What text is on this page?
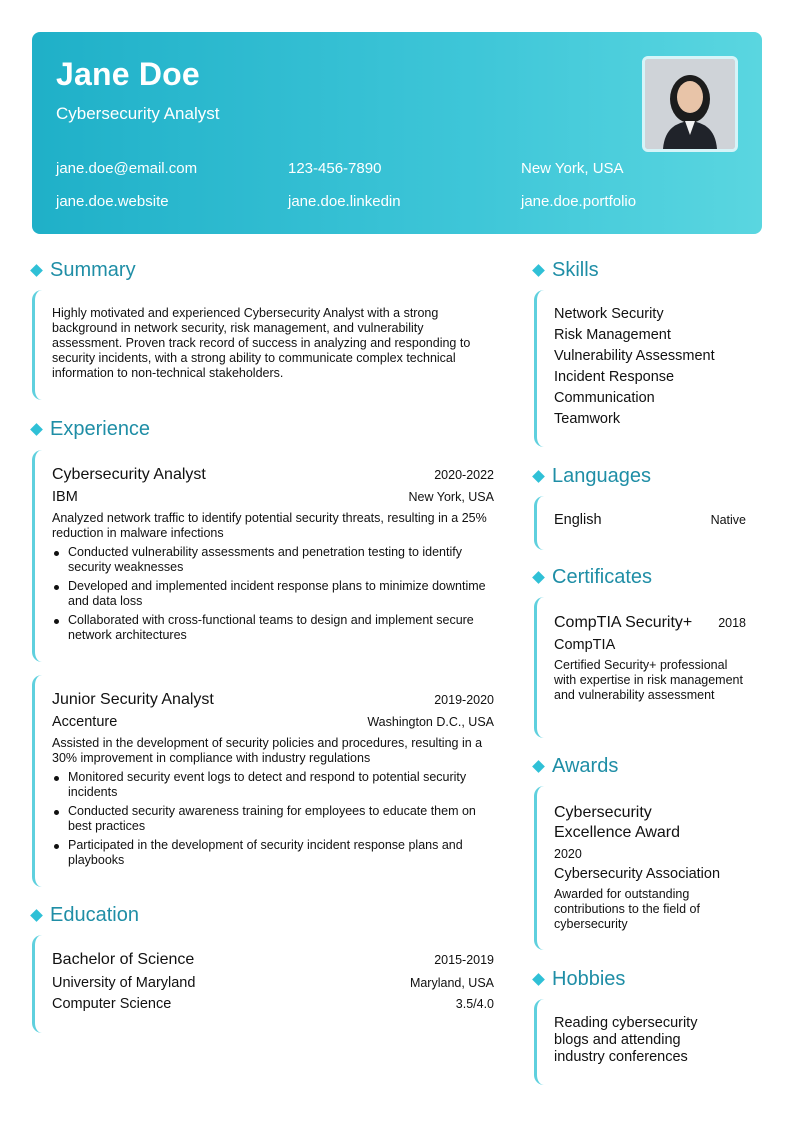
Jane Doe
Cybersecurity Analyst
jane.doe@email.com	123-456-7890	New York, USA
jane.doe.website	jane.doe.linkedin	jane.doe.portfolio
Summary
Highly motivated and experienced Cybersecurity Analyst with a strong background in network security, risk management, and vulnerability assessment. Proven track record of success in analyzing and responding to security incidents, with a strong ability to communicate complex technical information to non-technical stakeholders.
Experience
Cybersecurity Analyst	2020-2022
IBM	New York, USA
Analyzed network traffic to identify potential security threats, resulting in a 25% reduction in malware infections
Conducted vulnerability assessments and penetration testing to identify security weaknesses
Developed and implemented incident response plans to minimize downtime and data loss
Collaborated with cross-functional teams to design and implement secure network architectures
Junior Security Analyst	2019-2020
Accenture	Washington D.C., USA
Assisted in the development of security policies and procedures, resulting in a 30% improvement in compliance with industry regulations
Monitored security event logs to detect and respond to potential security incidents
Conducted security awareness training for employees to educate them on best practices
Participated in the development of security incident response plans and playbooks
Education
Bachelor of Science	2015-2019
University of Maryland	Maryland, USA
Computer Science	3.5/4.0
Skills
Network Security
Risk Management
Vulnerability Assessment
Incident Response
Communication
Teamwork
Languages
English	Native
Certificates
CompTIA Security+ 2018
CompTIA
Certified Security+ professional with expertise in risk management and vulnerability assessment
Awards
Cybersecurity Excellence Award
2020
Cybersecurity Association
Awarded for outstanding contributions to the field of cybersecurity
Hobbies
Reading cybersecurity blogs and attending industry conferences
